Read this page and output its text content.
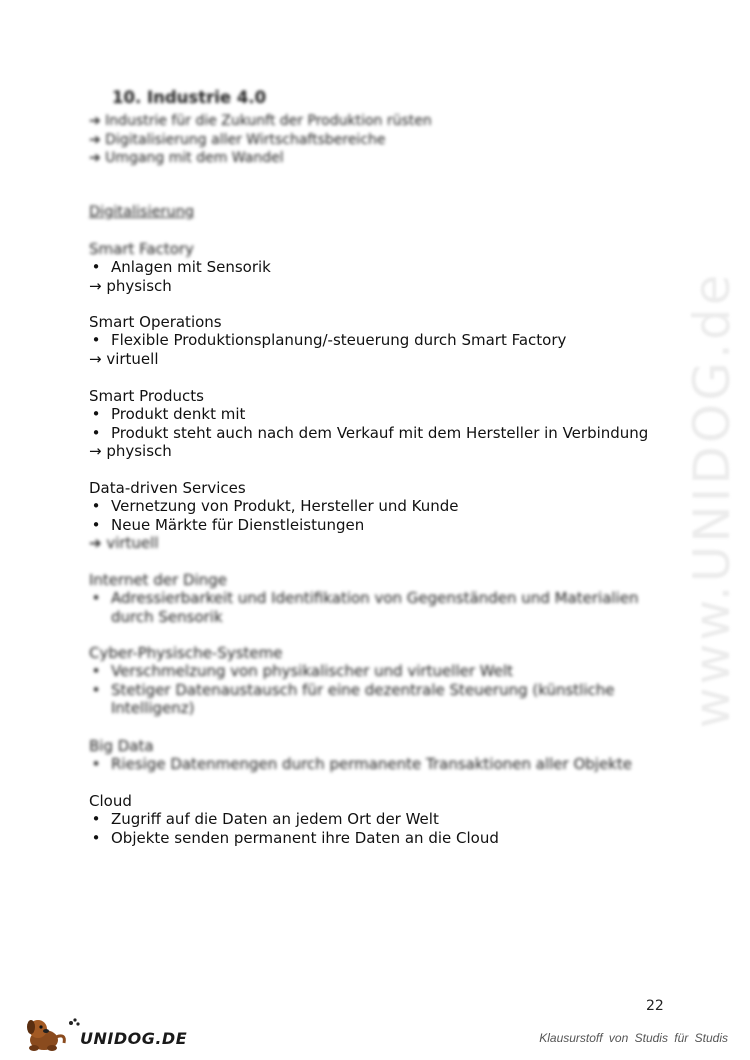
www.UNIDOG.de
10. Industrie 4.0
➔ Industrie für die Zukunft der Produktion rüsten
➔ Digitalisierung aller Wirtschaftsbereiche
➔ Umgang mit dem Wandel
Digitalisierung
Smart Factory
• Anlagen mit Sensorik
→ physisch
Smart Operations
• Flexible Produktionsplanung/-steuerung durch Smart Factory
→ virtuell
Smart Products
• Produkt denkt mit
• Produkt steht auch nach dem Verkauf mit dem Hersteller in Verbindung
→ physisch
Data-driven Services
• Vernetzung von Produkt, Hersteller und Kunde
• Neue Märkte für Dienstleistungen
➔ virtuell
Internet der Dinge
• Adressierbarkeit und Identifikation von Gegenständen und Materialien durch Sensorik
Cyber-Physische-Systeme
• Verschmelzung von physikalischer und virtueller Welt
• Stetiger Datenaustausch für eine dezentrale Steuerung (künstliche Intelligenz)
Big Data
• Riesige Datenmengen durch permanente Transaktionen aller Objekte
Cloud
• Zugriff auf die Daten an jedem Ort der Welt
• Objekte senden permanent ihre Daten an die Cloud
22
UNIDOG.DE	Klausurstoff von Studis für Studis
